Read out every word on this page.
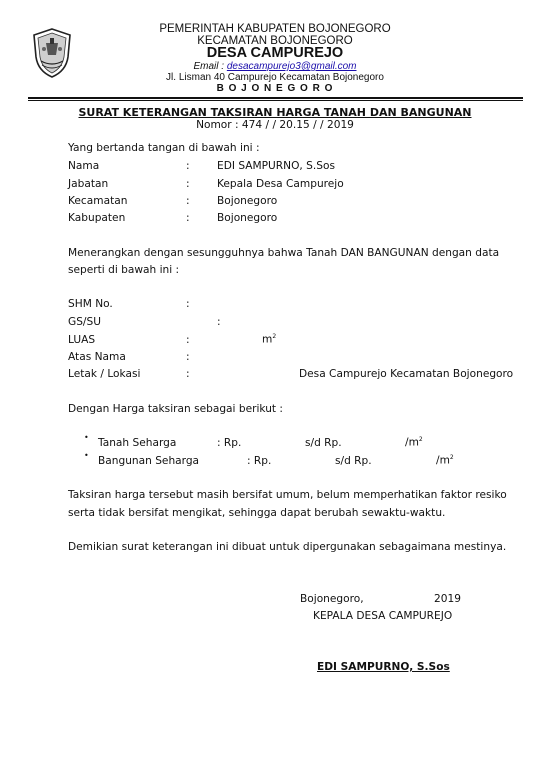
PEMERINTAH KABUPATEN BOJONEGORO
KECAMATAN BOJONEGORO
DESA CAMPUREJO
Email : desacampurejo3@gmail.com
Jl. Lisman 40 Campurejo Kecamatan Bojonegoro
B O J O N E G O R O
SURAT KETERANGAN TAKSIRAN HARGA TANAH DAN BANGUNAN
Nomor : 474 / / 20.15 / / 2019
Yang bertanda tangan di bawah ini :
Nama	:	EDI SAMPURNO, S.Sos
Jabatan	:	Kepala Desa Campurejo
Kecamatan	:	Bojonegoro
Kabupaten	:	Bojonegoro
Menerangkan dengan sesungguhnya bahwa Tanah DAN BANGUNAN dengan data
seperti di bawah ini :
SHM No.	:
GS/SU	:
LUAS	:	$m^2$
Atas Nama	:
Letak / Lokasi	:	Desa Campurejo Kecamatan Bojonegoro
Dengan Harga taksiran sebagai berikut :
• Tanah Seharga	: Rp.	s/d Rp.	$/m^2$
• Bangunan Seharga	: Rp.	s/d Rp.	$/m^2$
Taksiran harga tersebut masih bersifat umum, belum memperhatikan faktor resiko
serta tidak bersifat mengikat, sehingga dapat berubah sewaktu-waktu.
Demikian surat keterangan ini dibuat untuk dipergunakan sebagaimana mestinya.
Bojonegoro,	2019
KEPALA DESA CAMPUREJO
EDI SAMPURNO, S.Sos
